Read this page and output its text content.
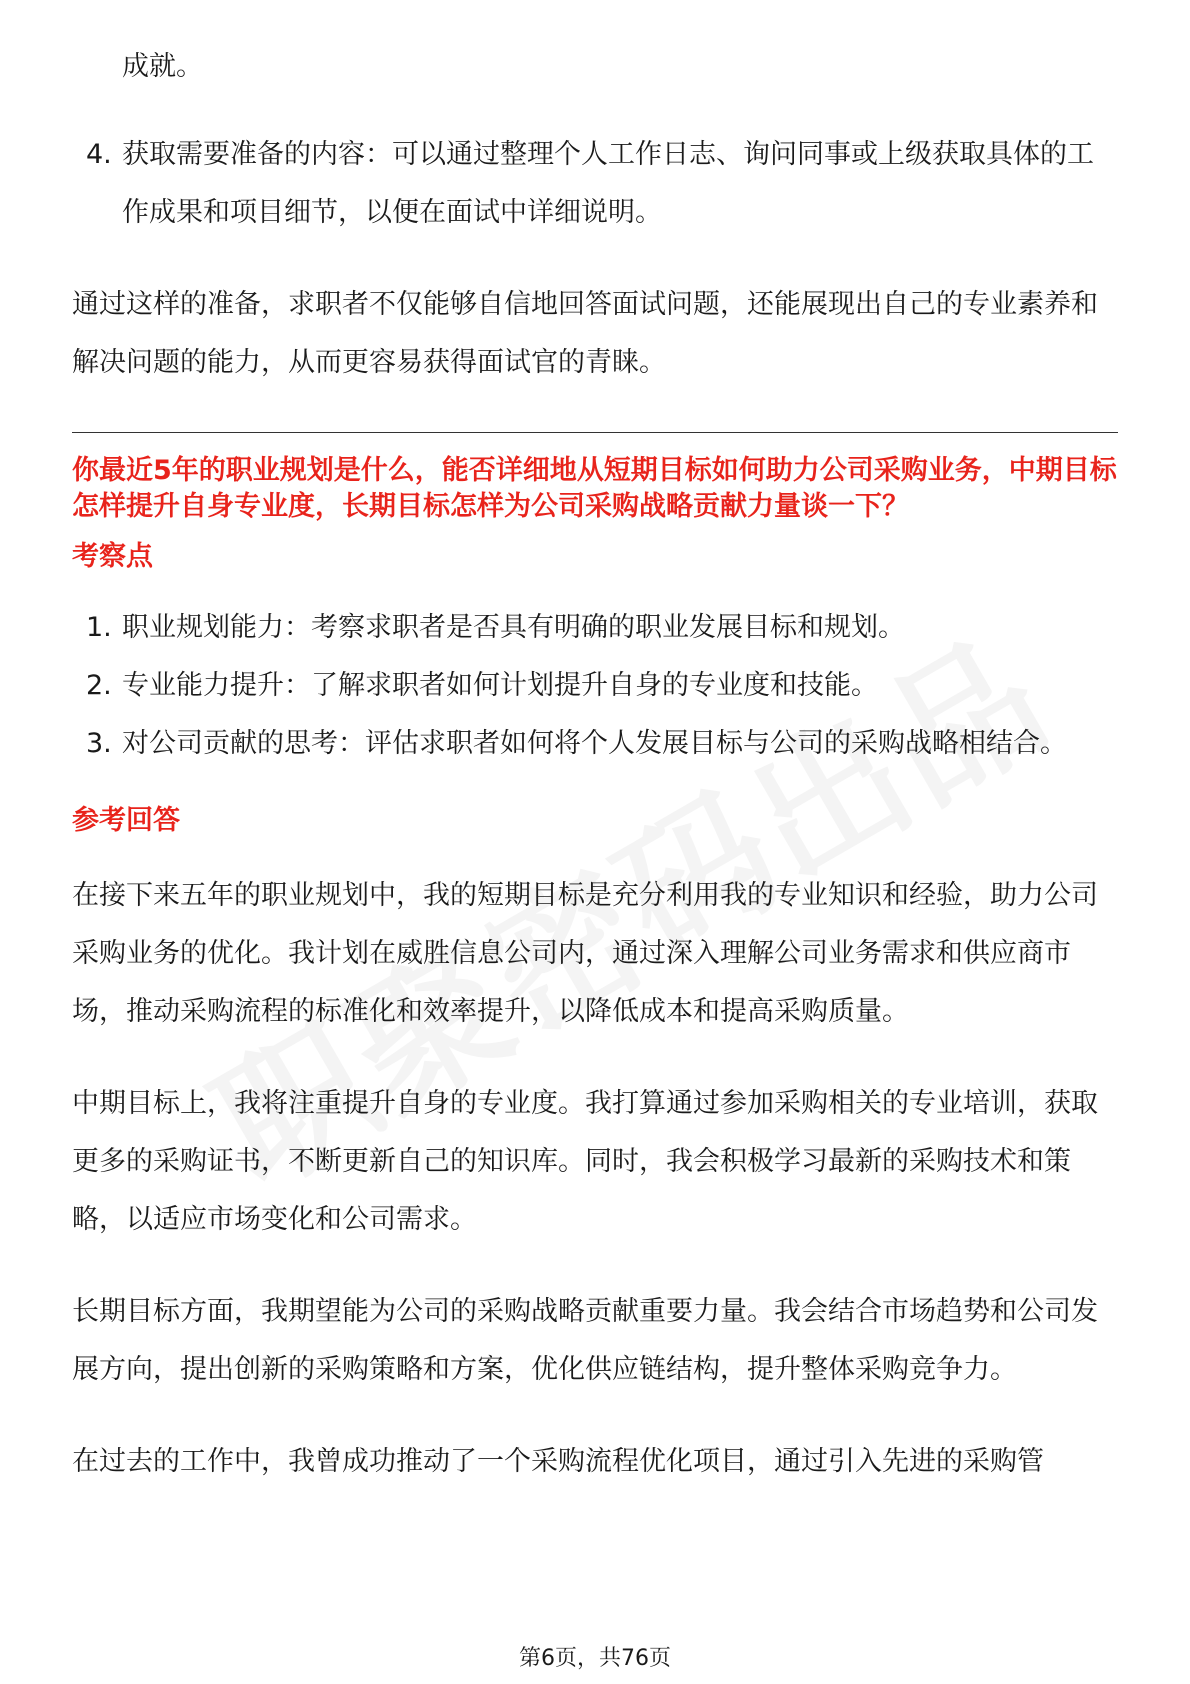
成就。

4. 获取需要准备的内容：可以通过整理个人工作日志、询问同事或上级获取具体的工作成果和项目细节，以便在面试中详细说明。

通过这样的准备，求职者不仅能够自信地回答面试问题，还能展现出自己的专业素养和解决问题的能力，从而更容易获得面试官的青睐。

你最近5年的职业规划是什么，能否详细地从短期目标如何助力公司采购业务，中期目标怎样提升自身专业度，长期目标怎样为公司采购战略贡献力量谈一下？

考察点

1. 职业规划能力：考察求职者是否具有明确的职业发展目标和规划。
2. 专业能力提升：了解求职者如何计划提升自身的专业度和技能。
3. 对公司贡献的思考：评估求职者如何将个人发展目标与公司的采购战略相结合。

参考回答

在接下来五年的职业规划中，我的短期目标是充分利用我的专业知识和经验，助力公司采购业务的优化。我计划在威胜信息公司内，通过深入理解公司业务需求和供应商市场，推动采购流程的标准化和效率提升，以降低成本和提高采购质量。

中期目标上，我将注重提升自身的专业度。我打算通过参加采购相关的专业培训，获取更多的采购证书，不断更新自己的知识库。同时，我会积极学习最新的采购技术和策略，以适应市场变化和公司需求。

长期目标方面，我期望能为公司的采购战略贡献重要力量。我会结合市场趋势和公司发展方向，提出创新的采购策略和方案，优化供应链结构，提升整体采购竞争力。

在过去的工作中，我曾成功推动了一个采购流程优化项目，通过引入先进的采购管

第6页，共76页
